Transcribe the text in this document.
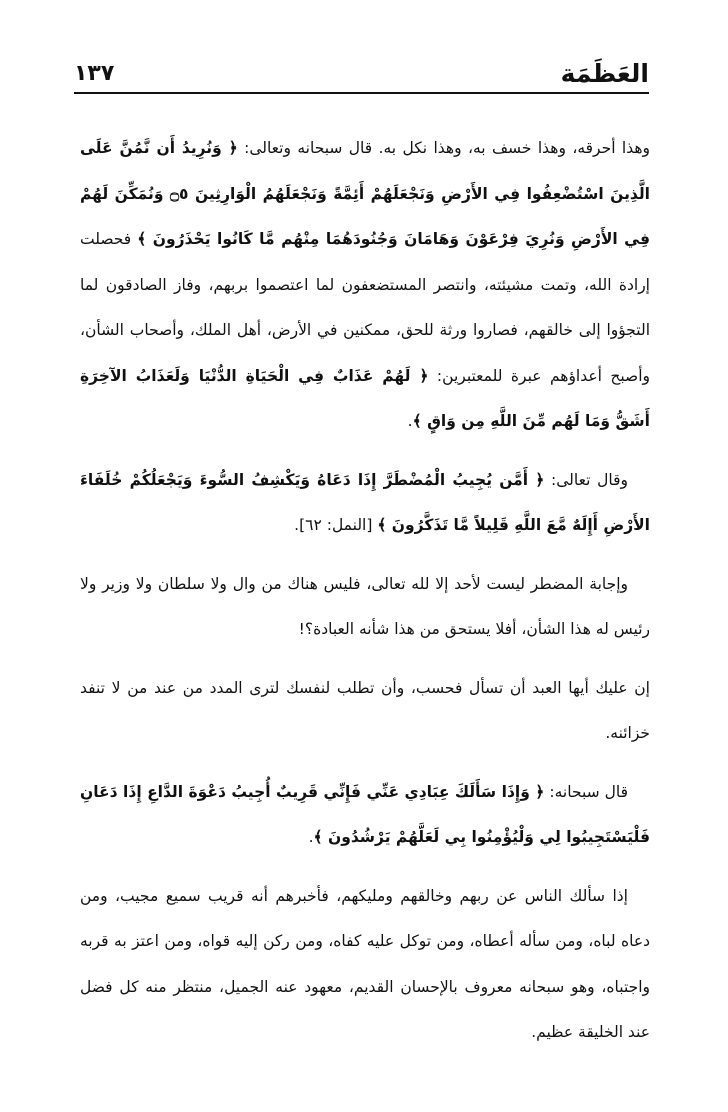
العَظَمَة
١٣٧

وهذا أحرقه، وهذا خسف به، وهذا نكل به. قال سبحانه وتعالى: ﴿ وَنُرِيدُ أَن نَّمُنَّ عَلَى الَّذِينَ اسْتُضْعِفُوا فِي الأَرْضِ وَنَجْعَلَهُمْ أَئِمَّةً وَنَجْعَلَهُمُ الْوَارِثِينَ ۝٥ وَنُمَكِّنَ لَهُمْ فِي الأَرْضِ وَنُرِيَ فِرْعَوْنَ وَهَامَانَ وَجُنُودَهُمَا مِنْهُم مَّا كَانُوا يَحْذَرُونَ ﴾ فحصلت إرادة الله، وتمت مشيئته، وانتصر المستضعفون لما اعتصموا بربهم، وفاز الصادقون لما التجؤوا إلى خالقهم، فصاروا ورثة للحق، ممكنين في الأرض، أهل الملك، وأصحاب الشأن، وأصبح أعداؤهم عبرة للمعتبرين: ﴿ لَهُمْ عَذَابٌ فِي الْحَيَاةِ الدُّنْيَا وَلَعَذَابُ الآخِرَةِ أَشَقُّ وَمَا لَهُم مِّنَ اللَّهِ مِن وَاقٍ ﴾.

وقال تعالى: ﴿ أَمَّن يُجِيبُ الْمُضْطَرَّ إِذَا دَعَاهُ وَيَكْشِفُ السُّوءَ وَيَجْعَلُكُمْ خُلَفَاءَ الأَرْضِ أَإِلَهٌ مَّعَ اللَّهِ قَلِيلاً مَّا تَذَكَّرُونَ ﴾ [النمل: ٦٢].

وإجابة المضطر ليست لأحد إلا لله تعالى، فليس هناك من وال ولا سلطان ولا وزير ولا رئيس له هذا الشأن، أفلا يستحق من هذا شأنه العبادة؟!

إن عليك أيها العبد أن تسأل فحسب، وأن تطلب لنفسك لترى المدد من عند من لا تنفد خزائنه.

قال سبحانه: ﴿ وَإِذَا سَأَلَكَ عِبَادِي عَنِّي فَإِنِّي قَرِيبٌ أُجِيبُ دَعْوَةَ الدَّاعِ إِذَا دَعَانِ فَلْيَسْتَجِيبُوا لِي وَلْيُؤْمِنُوا بِي لَعَلَّهُمْ يَرْشُدُونَ ﴾.

إذا سألك الناس عن ربهم وخالقهم ومليكهم، فأخبرهم أنه قريب سميع مجيب، ومن دعاه لباه، ومن سأله أعطاه، ومن توكل عليه كفاه، ومن ركن إليه قواه، ومن اعتز به قربه واجتباه، وهو سبحانه معروف بالإحسان القديم، معهود عنه الجميل، منتظر منه كل فضل عند الخليقة عظيم.
